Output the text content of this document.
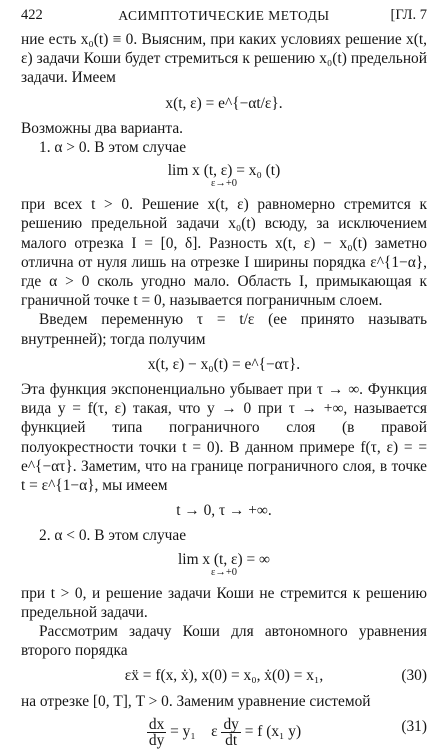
422	АСИМПТОТИЧЕСКИЕ МЕТОДЫ	[ГЛ. 7

ние есть x₀(t) ≡ 0. Выясним, при каких условиях решение x(t, ε) задачи Коши будет стремиться к решению x₀(t) предельной задачи. Имеем

x(t, ε) = e^{−αt/ε}.

Возможны два варианта.

1. α > 0. В этом случае

lim x (t, ε) = x₀ (t)
ε→+0

при всех t > 0. Решение x(t, ε) равномерно стремится к решению предельной задачи x₀(t) всюду, за исключением малого отрезка I = [0, δ]. Разность x(t, ε) − x₀(t) заметно отлична от нуля лишь на отрезке I ширины порядка ε^{1−α}, где α > 0 сколь угодно мало. Область I, примыкающая к граничной точке t = 0, называется пограничным слоем.

Введем переменную τ = t/ε (ее принято называть внутренней); тогда получим

x(t, ε) − x₀(t) = e^{−ατ}.

Эта функция экспоненциально убывает при τ → ∞. Функция вида y = f(τ, ε) такая, что y → 0 при τ → +∞, называется функцией типа пограничного слоя (в правой полуокрестности точки t = 0). В данном примере f(τ, ε) = = e^{−ατ}. Заметим, что на границе пограничного слоя, в точке t = ε^{1−α}, мы имеем

t → 0, τ → +∞.

2. α < 0. В этом случае

lim x (t, ε) = ∞
ε→+0

при t > 0, и решение задачи Коши не стремится к решению предельной задачи.

Рассмотрим задачу Коши для автономного уравнения второго порядка

εẍ = f(x, ẋ), x(0) = x₀, ẋ(0) = x₁,	(30)

на отрезке [0, T], T > 0. Заменим уравнение системой

$\frac{dx}{dy} = y_1$ ε $\frac{dy}{dt} = f$ (x₁ y)	(31)
